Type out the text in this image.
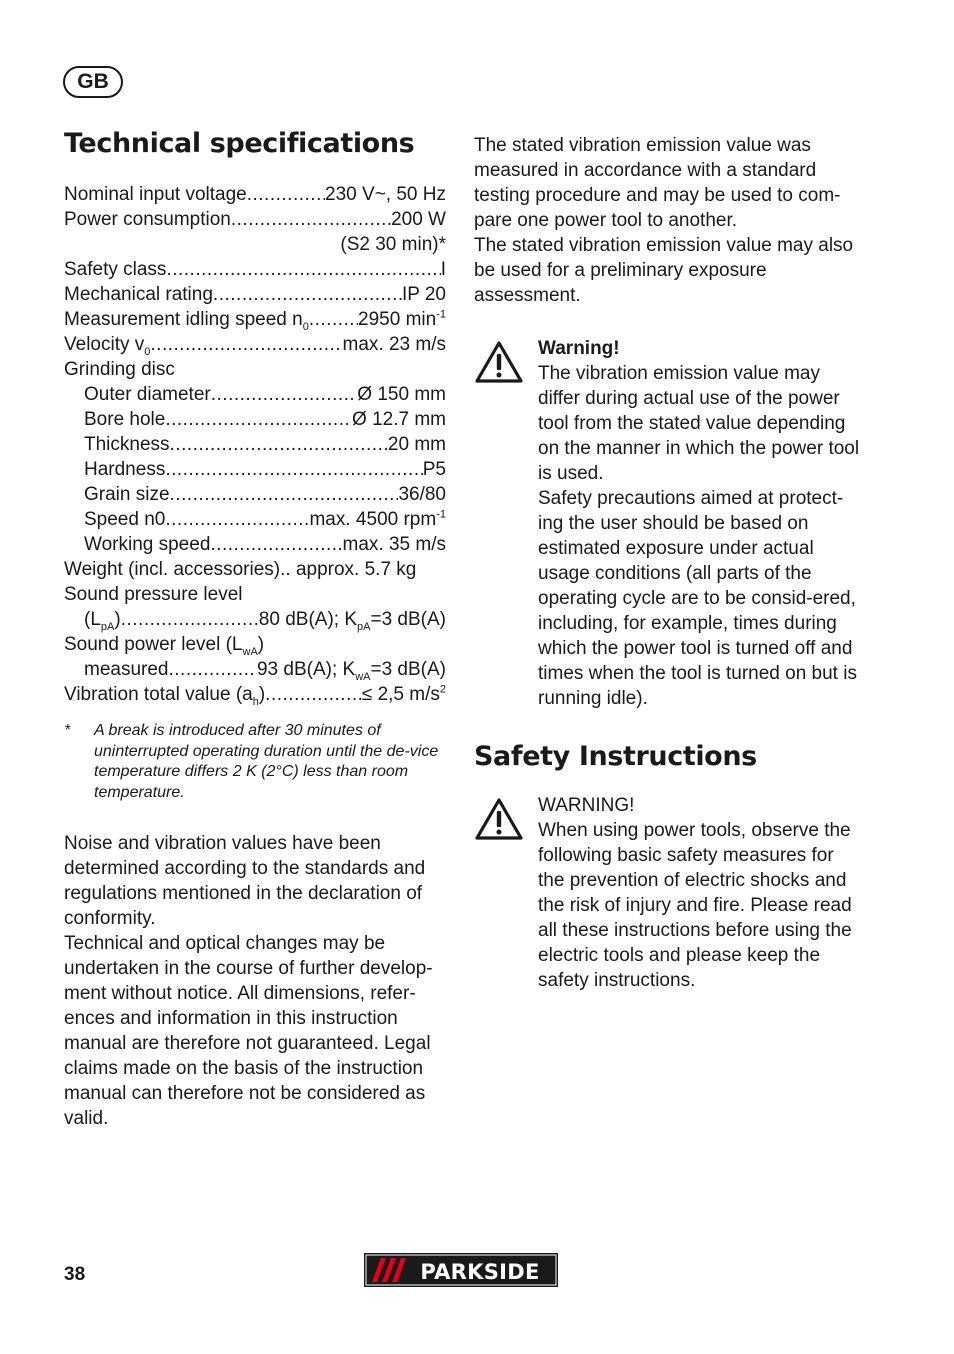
GB
Technical specifications
Nominal input voltage .....	230 V~, 50 Hz
Power consumption .....	200 W
(S2 30 min)*
Safety class .....	I
Mechanical rating .....	IP 20
Measurement idling speed $n_0$ .....	2950 $\min^{-1}$
Velocity $v_0$ .....	max. 23 m/s
Grinding disc
Outer diameter .....	Ø 150 mm
Bore hole .....	Ø 12.7 mm
Thickness .....	20 mm
Hardness .....	P5
Grain size .....	36/80
Speed n0 .....	max. 4500 rpm$^{-1}$
Working speed .....	max. 35 m/s
Weight (incl. accessories).. approx. 5.7 kg
Sound pressure level
$(L_{pA})$ .....	80 dB(A); $K_{pA}=3$ dB(A)
Sound power level $(L_{wA})$
measured .....	93 dB(A); $K_{wA}=3$ dB(A)
Vibration total value $(a_h)$ .....	≤ 2,5 $m/s^2$
*	A break is introduced after 30 minutes of uninterrupted operating duration until the de-vice temperature differs 2 K (2°C) less than room temperature.

Noise and vibration values have been determined according to the standards and regulations mentioned in the declaration of conformity.

Technical and optical changes may be undertaken in the course of further develop-ment without notice. All dimensions, refer-ences and information in this instruction manual are therefore not guaranteed. Legal claims made on the basis of the instruction manual can therefore not be considered as valid.

The stated vibration emission value was measured in accordance with a standard testing procedure and may be used to com-pare one power tool to another.

The stated vibration emission value may also be used for a preliminary exposure assessment.

Warning!
The vibration emission value may differ during actual use of the power tool from the stated value depending on the manner in which the power tool is used.
Safety precautions aimed at protect-ing the user should be based on estimated exposure under actual usage conditions (all parts of the operating cycle are to be consid-ered, including, for example, times during which the power tool is turned off and times when the tool is turned on but is running idle).
Safety Instructions
WARNING!
When using power tools, observe the following basic safety measures for the prevention of electric shocks and the risk of injury and fire. Please read all these instructions before using the electric tools and please keep the safety instructions.
38	PARKSIDE
